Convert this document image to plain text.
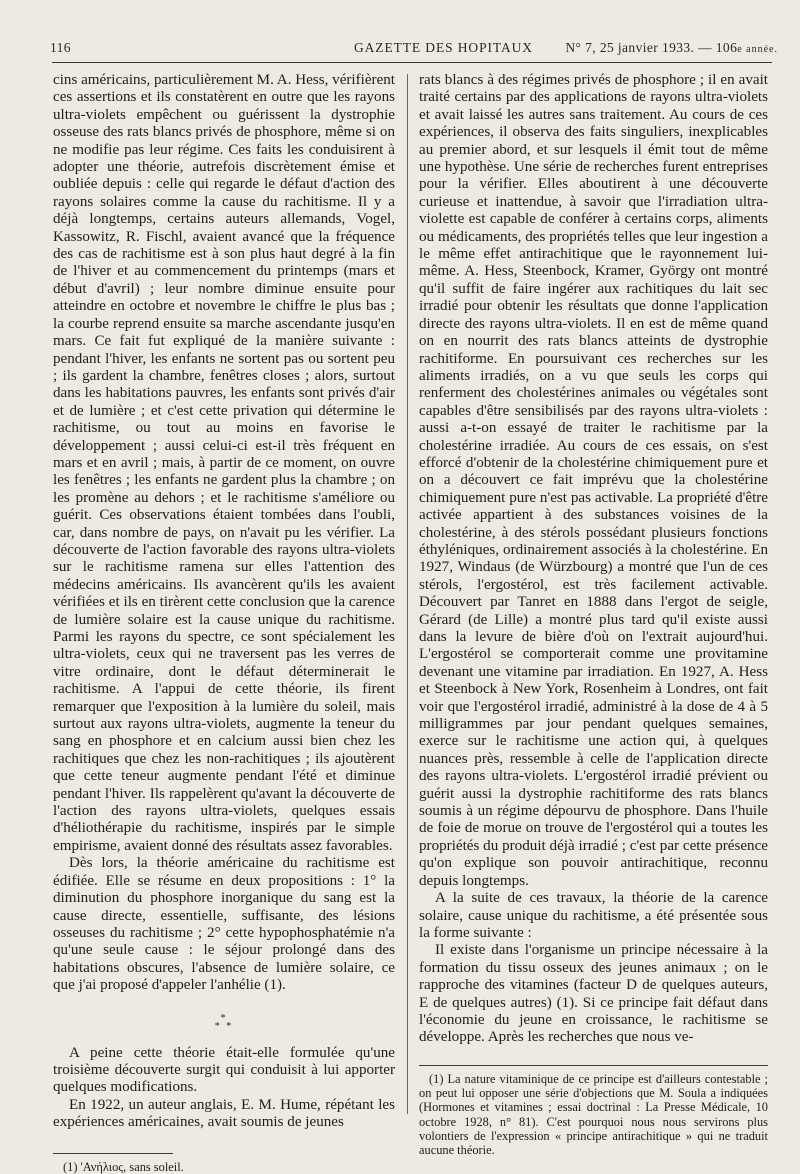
116	GAZETTE DES HOPITAUX N° 7, 25 janvier 1933. — 106e année.

cins américains, particulièrement M. A. Hess, vérifièrent ces assertions et ils constatèrent en outre que les rayons ultra-violets empêchent ou guérissent la dystrophie osseuse des rats blancs privés de phosphore, même si on ne modifie pas leur régime. Ces faits les conduisirent à adopter une théorie, autrefois discrètement émise et oubliée depuis : celle qui regarde le défaut d'action des rayons solaires comme la cause du rachitisme. Il y a déjà longtemps, certains auteurs allemands, Vogel, Kassowitz, R. Fischl, avaient avancé que la fréquence des cas de rachitisme est à son plus haut degré à la fin de l'hiver et au commencement du printemps (mars et début d'avril) ; leur nombre diminue ensuite pour atteindre en octobre et novembre le chiffre le plus bas ; la courbe reprend ensuite sa marche ascendante jusqu'en mars. Ce fait fut expliqué de la manière suivante : pendant l'hiver, les enfants ne sortent pas ou sortent peu ; ils gardent la chambre, fenêtres closes ; alors, surtout dans les habitations pauvres, les enfants sont privés d'air et de lumière ; et c'est cette privation qui détermine le rachitisme, ou tout au moins en favorise le développement ; aussi celui-ci est-il très fréquent en mars et en avril ; mais, à partir de ce moment, on ouvre les fenêtres ; les enfants ne gardent plus la chambre ; on les promène au dehors ; et le rachitisme s'améliore ou guérit. Ces observations étaient tombées dans l'oubli, car, dans nombre de pays, on n'avait pu les vérifier. La découverte de l'action favorable des rayons ultra-violets sur le rachitisme ramena sur elles l'attention des médecins américains. Ils avancèrent qu'ils les avaient vérifiées et ils en tirèrent cette conclusion que la carence de lumière solaire est la cause unique du rachitisme. Parmi les rayons du spectre, ce sont spécialement les ultra-violets, ceux qui ne traversent pas les verres de vitre ordinaire, dont le défaut déterminerait le rachitisme. A l'appui de cette théorie, ils firent remarquer que l'exposition à la lumière du soleil, mais surtout aux rayons ultra-violets, augmente la teneur du sang en phosphore et en calcium aussi bien chez les rachitiques que chez les non-rachitiques ; ils ajoutèrent que cette teneur augmente pendant l'été et diminue pendant l'hiver. Ils rappelèrent qu'avant la découverte de l'action des rayons ultra-violets, quelques essais d'héliothérapie du rachitisme, inspirés par le simple empirisme, avaient donné des résultats assez favorables.

Dès lors, la théorie américaine du rachitisme est édifiée. Elle se résume en deux propositions : 1° la diminution du phosphore inorganique du sang est la cause directe, essentielle, suffisante, des lésions osseuses du rachitisme ; 2° cette hypophosphatémie n'a qu'une seule cause : le séjour prolongé dans des habitations obscures, l'absence de lumière solaire, ce que j'ai proposé d'appeler l'anhélie (1).

*
* *

A peine cette théorie était-elle formulée qu'une troisième découverte surgit qui conduisit à lui apporter quelques modifications.

En 1922, un auteur anglais, E. M. Hume, répétant les expériences américaines, avait soumis de jeunes

(1) 'Ανήλιος, sans soleil.

rats blancs à des régimes privés de phosphore ; il en avait traité certains par des applications de rayons ultra-violets et avait laissé les autres sans traitement. Au cours de ces expériences, il observa des faits singuliers, inexplicables au premier abord, et sur lesquels il émit tout de même une hypothèse. Une série de recherches furent entreprises pour la vérifier. Elles aboutirent à une découverte curieuse et inattendue, à savoir que l'irradiation ultra-violette est capable de conférer à certains corps, aliments ou médicaments, des propriétés telles que leur ingestion a le même effet antirachitique que le rayonnement lui-même. A. Hess, Steenbock, Kramer, György ont montré qu'il suffit de faire ingérer aux rachitiques du lait sec irradié pour obtenir les résultats que donne l'application directe des rayons ultra-violets. Il en est de même quand on en nourrit des rats blancs atteints de dystrophie rachitiforme. En poursuivant ces recherches sur les aliments irradiés, on a vu que seuls les corps qui renferment des cholestérines animales ou végétales sont capables d'être sensibilisés par des rayons ultra-violets : aussi a-t-on essayé de traiter le rachitisme par la cholestérine irradiée. Au cours de ces essais, on s'est efforcé d'obtenir de la cholestérine chimiquement pure et on a découvert ce fait imprévu que la cholestérine chimiquement pure n'est pas activable. La propriété d'être activée appartient à des substances voisines de la cholestérine, à des stérols possédant plusieurs fonctions éthyléniques, ordinairement associés à la cholestérine. En 1927, Windaus (de Würzbourg) a montré que l'un de ces stérols, l'ergostérol, est très facilement activable. Découvert par Tanret en 1888 dans l'ergot de seigle, Gérard (de Lille) a montré plus tard qu'il existe aussi dans la levure de bière d'où on l'extrait aujourd'hui. L'ergostérol se comporterait comme une provitamine devenant une vitamine par irradiation. En 1927, A. Hess et Steenbock à New York, Rosenheim à Londres, ont fait voir que l'ergostérol irradié, administré à la dose de 4 à 5 milligrammes par jour pendant quelques semaines, exerce sur le rachitisme une action qui, à quelques nuances près, ressemble à celle de l'application directe des rayons ultra-violets. L'ergostérol irradié prévient ou guérit aussi la dystrophie rachitiforme des rats blancs soumis à un régime dépourvu de phosphore. Dans l'huile de foie de morue on trouve de l'ergostérol qui a toutes les propriétés du produit déjà irradié ; c'est par cette présence qu'on explique son pouvoir antirachitique, reconnu depuis longtemps.

A la suite de ces travaux, la théorie de la carence solaire, cause unique du rachitisme, a été présentée sous la forme suivante :

Il existe dans l'organisme un principe nécessaire à la formation du tissu osseux des jeunes animaux ; on le rapproche des vitamines (facteur D de quelques auteurs, E de quelques autres) (1). Si ce principe fait défaut dans l'économie du jeune en croissance, le rachitisme se développe. Après les recherches que nous ve-

(1) La nature vitaminique de ce principe est d'ailleurs contestable ; on peut lui opposer une série d'objections que M. Soula a indiquées (Hormones et vitamines ; essai doctrinal : La Presse Médicale, 10 octobre 1928, n° 81). C'est pourquoi nous nous servirons plus volontiers de l'expression « principe antirachitique » qui ne traduit aucune théorie.
